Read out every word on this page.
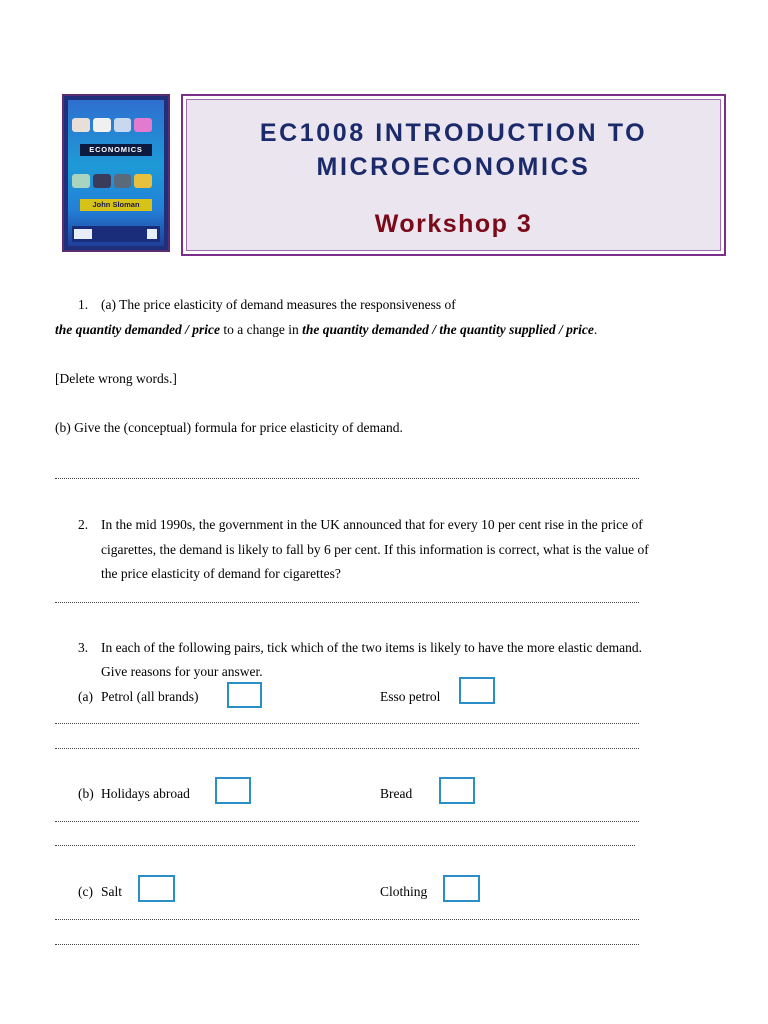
ECONOMICS
John Sloman
EC1008 INTRODUCTION TO
MICROECONOMICS
Workshop 3
1. (a) The price elasticity of demand measures the responsiveness of
the quantity demanded / price to a change in the quantity demanded / the quantity supplied / price.
[Delete wrong words.]
(b) Give the (conceptual) formula for price elasticity of demand.
2. In the mid 1990s, the government in the UK announced that for every 10 per cent rise in the price of
cigarettes, the demand is likely to fall by 6 per cent. If this information is correct, what is the value of
the price elasticity of demand for cigarettes?
3. In each of the following pairs, tick which of the two items is likely to have the more elastic demand.
Give reasons for your answer.
(a) Petrol (all brands)	Esso petrol
(b) Holidays abroad	Bread
(c) Salt	Clothing
